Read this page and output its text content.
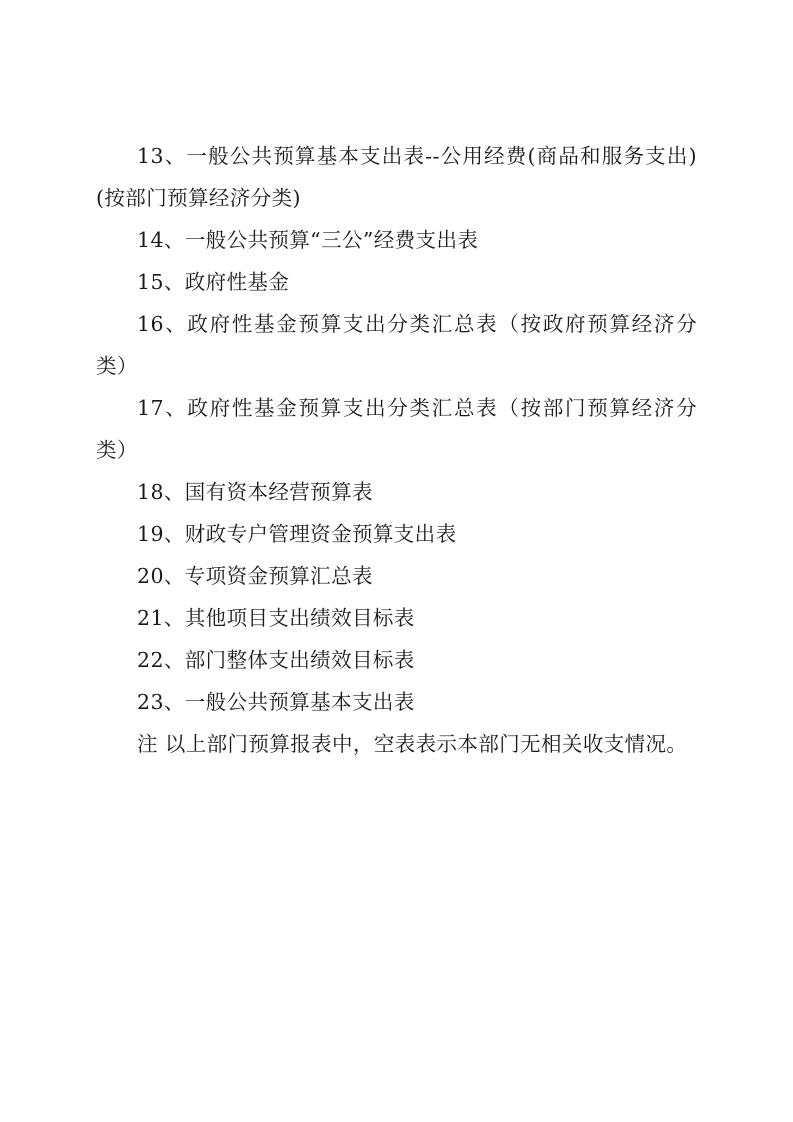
13、一般公共预算基本支出表--公用经费(商品和服务支出)(按部门预算经济分类)

14、一般公共预算“三公”经费支出表

15、政府性基金

16、政府性基金预算支出分类汇总表（按政府预算经济分类）

17、政府性基金预算支出分类汇总表（按部门预算经济分类）

18、国有资本经营预算表

19、财政专户管理资金预算支出表

20、专项资金预算汇总表

21、其他项目支出绩效目标表

22、部门整体支出绩效目标表

23、一般公共预算基本支出表

注 以上部门预算报表中，空表表示本部门无相关收支情况。
